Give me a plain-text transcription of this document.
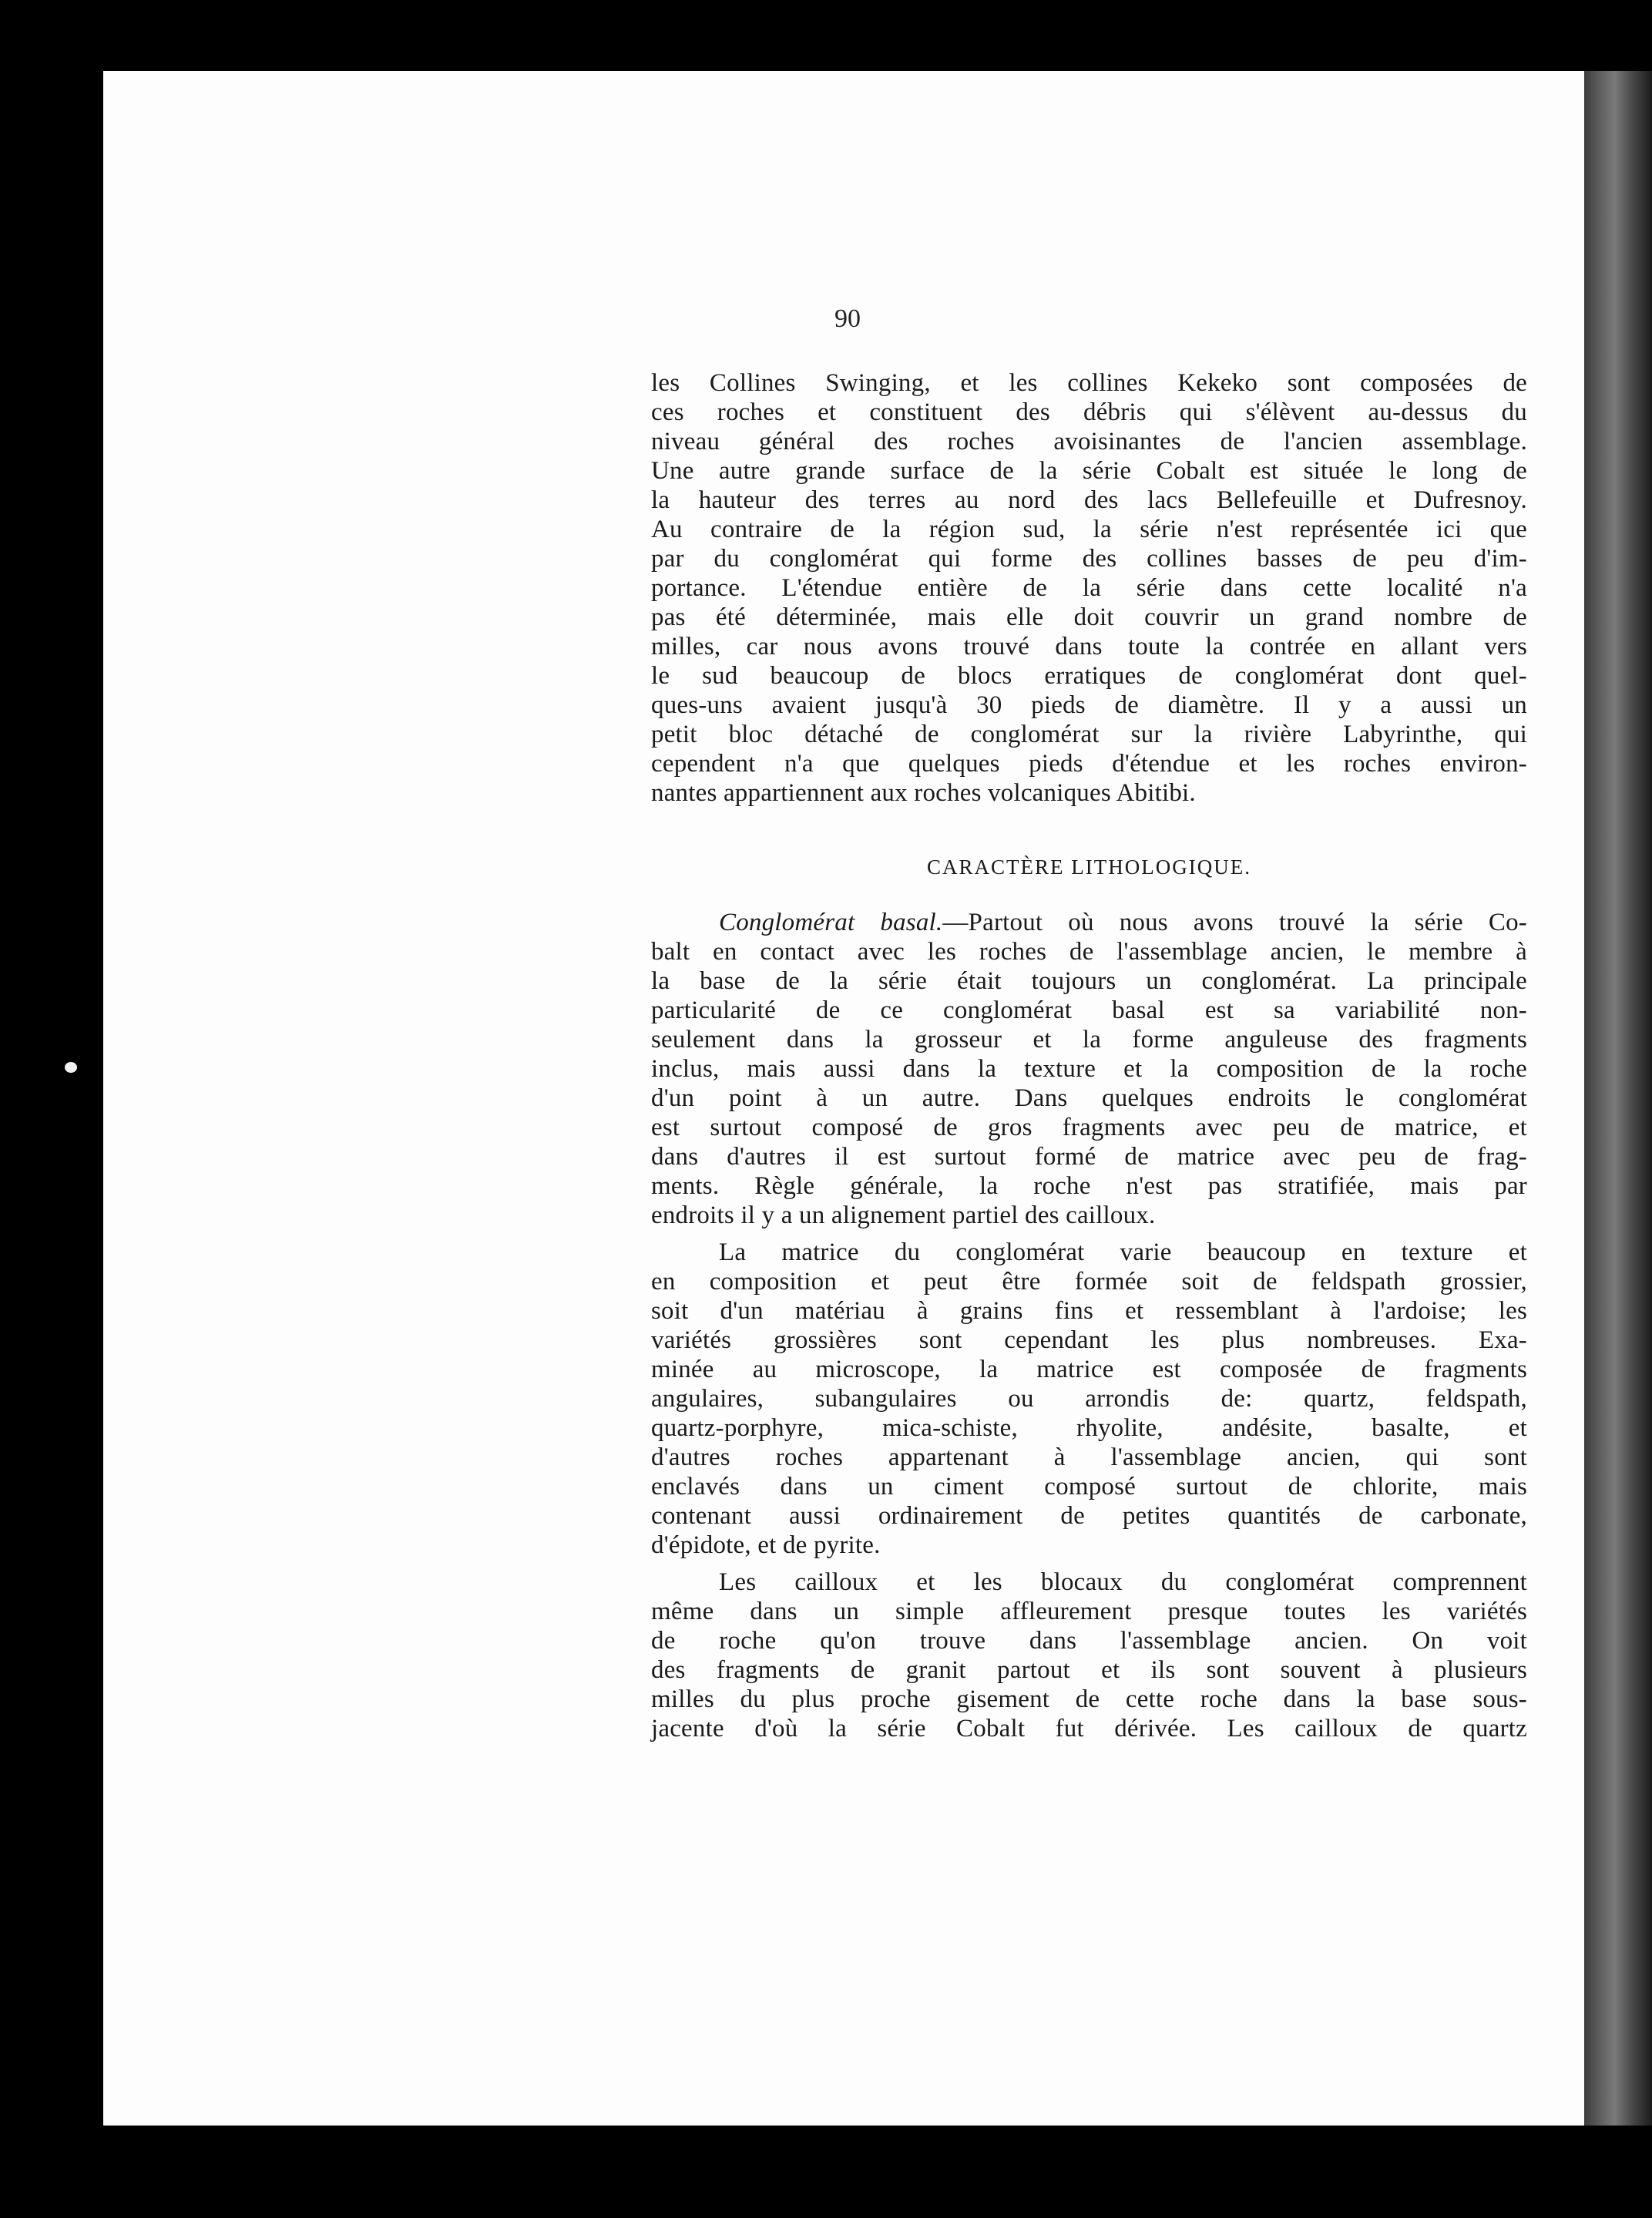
90
les Collines Swinging, et les collines Kekeko sont composées de
ces roches et constituent des débris qui s'élèvent au-dessus du
niveau général des roches avoisinantes de l'ancien assemblage.
Une autre grande surface de la série Cobalt est située le long de
la hauteur des terres au nord des lacs Bellefeuille et Dufresnoy.
Au contraire de la région sud, la série n'est représentée ici que
par du conglomérat qui forme des collines basses de peu d'im-
portance. L'étendue entière de la série dans cette localité n'a
pas été déterminée, mais elle doit couvrir un grand nombre de
milles, car nous avons trouvé dans toute la contrée en allant vers
le sud beaucoup de blocs erratiques de conglomérat dont quel-
ques-uns avaient jusqu'à 30 pieds de diamètre. Il y a aussi un
petit bloc détaché de conglomérat sur la rivière Labyrinthe, qui
cependent n'a que quelques pieds d'étendue et les roches environ-
nantes appartiennent aux roches volcaniques Abitibi.
CARACTÈRE LITHOLOGIQUE.
Conglomérat basal.—Partout où nous avons trouvé la série Co-
balt en contact avec les roches de l'assemblage ancien, le membre à
la base de la série était toujours un conglomérat. La principale
particularité de ce conglomérat basal est sa variabilité non-
seulement dans la grosseur et la forme anguleuse des fragments
inclus, mais aussi dans la texture et la composition de la roche
d'un point à un autre. Dans quelques endroits le conglomérat
est surtout composé de gros fragments avec peu de matrice, et
dans d'autres il est surtout formé de matrice avec peu de frag-
ments. Règle générale, la roche n'est pas stratifiée, mais par
endroits il y a un alignement partiel des cailloux.
La matrice du conglomérat varie beaucoup en texture et
en composition et peut être formée soit de feldspath grossier,
soit d'un matériau à grains fins et ressemblant à l'ardoise; les
variétés grossières sont cependant les plus nombreuses. Exa-
minée au microscope, la matrice est composée de fragments
angulaires, subangulaires ou arrondis de: quartz, feldspath,
quartz-porphyre, mica-schiste, rhyolite, andésite, basalte, et
d'autres roches appartenant à l'assemblage ancien, qui sont
enclavés dans un ciment composé surtout de chlorite, mais
contenant aussi ordinairement de petites quantités de carbonate,
d'épidote, et de pyrite.
Les cailloux et les blocaux du conglomérat comprennent
même dans un simple affleurement presque toutes les variétés
de roche qu'on trouve dans l'assemblage ancien. On voit
des fragments de granit partout et ils sont souvent à plusieurs
milles du plus proche gisement de cette roche dans la base sous-
jacente d'où la série Cobalt fut dérivée. Les cailloux de quartz
